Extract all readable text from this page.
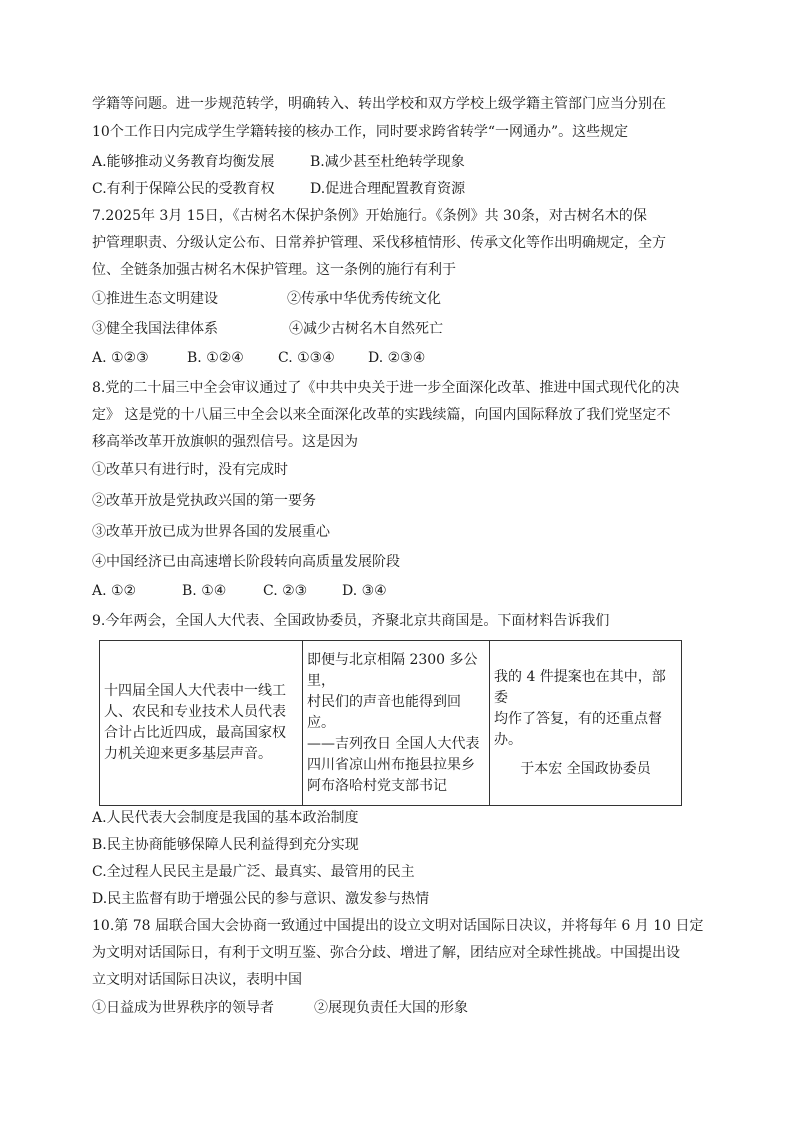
学籍等问题。进一步规范转学，明确转入、转出学校和双方学校上级学籍主管部门应当分别在
10个工作日内完成学生学籍转接的核办工作，同时要求跨省转学“一网通办”。这些规定
A.能够推动义务教育均衡发展	B.减少甚至杜绝转学现象
C.有利于保障公民的受教育权	D.促进合理配置教育资源
7.2025年 3月 15日，《古树名木保护条例》开始施行。《条例》共 30条，对古树名木的保
护管理职责、分级认定公布、日常养护管理、采伐移植情形、传承文化等作出明确规定，全方
位、全链条加强古树名木保护管理。这一条例的施行有利于
①推进生态文明建设	②传承中华优秀传统文化
③健全我国法律体系	④减少古树名木自然死亡
A. ①②③	B. ①②④ C. ①③④ D. ②③④
8.党的二十届三中全会审议通过了《中共中央关于进一步全面深化改革、推进中国式现代化的决
定》 这是党的十八届三中全会以来全面深化改革的实践续篇，向国内国际释放了我们党坚定不
移高举改革开放旗帜的强烈信号。这是因为
①改革只有进行时，没有完成时
②改革开放是党执政兴国的第一要务
③改革开放已成为世界各国的发展重心
④中国经济已由高速增长阶段转向高质量发展阶段
A. ①②	B. ①④	C. ②③ D. ③④
9.今年两会，全国人大代表、全国政协委员，齐聚北京共商国是。下面材料告诉我们
十四届全国人大代表中一线工
人、农民和专业技术人员代表
合计占比近四成，最高国家权
力机关迎来更多基层声音。

即便与北京相隔 2300 多公
里，
村民们的声音也能得到回应。
——吉列孜日 全国人大代表
四川省凉山州布拖县拉果乡
阿布洛哈村党支部书记

我的 4 件提案也在其中，部委
均作了答复，有的还重点督
办。
于本宏 全国政协委员
A.人民代表大会制度是我国的基本政治制度
B.民主协商能够保障人民利益得到充分实现
C.全过程人民民主是最广泛、最真实、最管用的民主
D.民主监督有助于增强公民的参与意识、激发参与热情
10.第 78 届联合国大会协商一致通过中国提出的设立文明对话国际日决议，并将每年 6 月 10 日定
为文明对话国际日，有利于文明互鉴、弥合分歧、增进了解，团结应对全球性挑战。中国提出设
立文明对话国际日决议，表明中国
①日益成为世界秩序的领导者	②展现负责任大国的形象
